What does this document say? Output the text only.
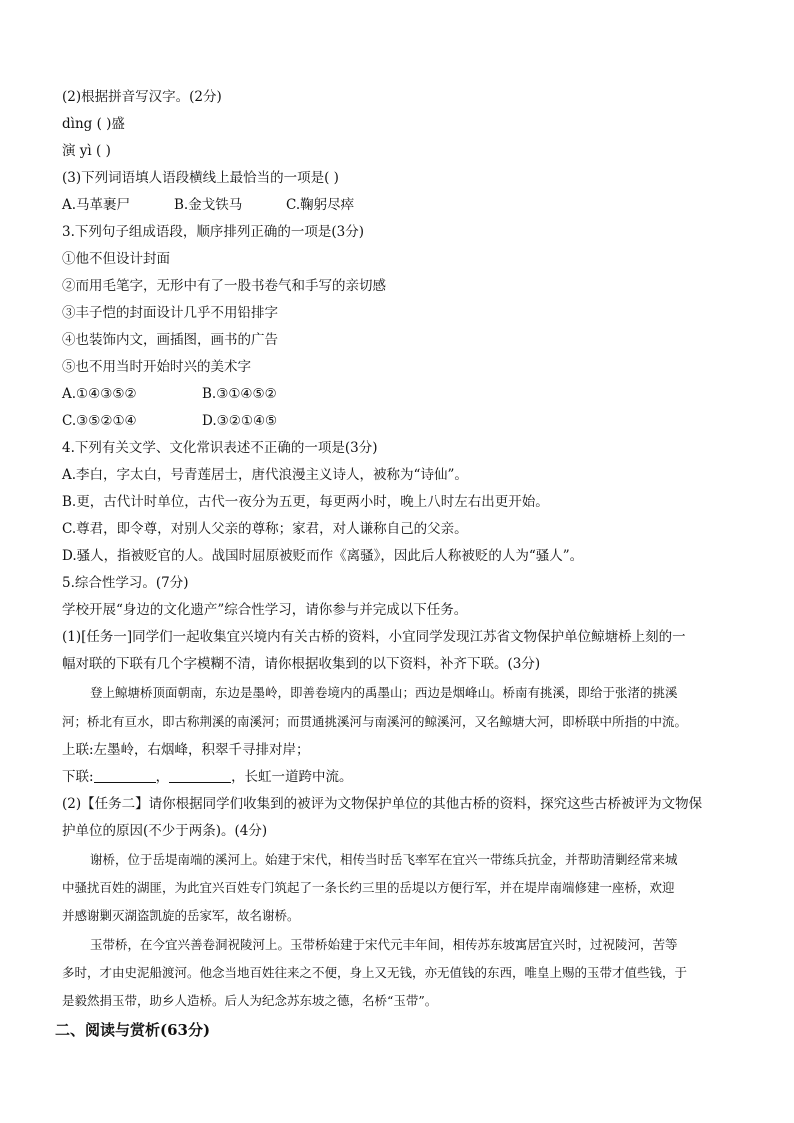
(2)根据拼音写汉字。(2分)

dìng ( )盛

演 yì ( )

(3)下列词语填人语段横线上最恰当的一项是( )

A.马革裹尸	B.金戈铁马	C.鞠躬尽瘁

3.下列句子组成语段，顺序排列正确的一项是(3分)

①他不但设计封面

②而用毛笔字，无形中有了一股书卷气和手写的亲切感

③丰子恺的封面设计几乎不用铅排字

④也装饰内文，画插图，画书的广告

⑤也不用当时开始时兴的美术字

A.①④③⑤②	B.③①④⑤②

C.③⑤②①④	D.③②①④⑤

4.下列有关文学、文化常识表述不正确的一项是(3分)

A.李白，字太白，号青莲居士，唐代浪漫主义诗人，被称为“诗仙”。

B.更，古代计时单位，古代一夜分为五更，每更两小时，晚上八时左右出更开始。

C.尊君，即令尊，对别人父亲的尊称；家君，对人谦称自己的父亲。

D.骚人，指被贬官的人。战国时屈原被贬而作《离骚》，因此后人称被贬的人为“骚人”。

5.综合性学习。(7分)

学校开展“身边的文化遗产”综合性学习，请你参与并完成以下任务。

(1)[任务一]同学们一起收集宜兴境内有关古桥的资料，小宜同学发现江苏省文物保护单位鲸塘桥上刻的一

幅对联的下联有几个字模糊不清，请你根据收集到的以下资料，补齐下联。(3分)

登上鲸塘桥顶面朝南，东边是墨岭，即善卷境内的禹墨山；西边是烟峰山。桥南有挑溪，即给于张渚的挑溪

河；桥北有亘水，即古称荆溪的南溪河；而贯通挑溪河与南溪河的鲸溪河，又名鲸塘大河，即桥联中所指的中流。

上联:左墨岭，右烟峰，积翠千寻排对岸；

下联:	，	，长虹一道跨中流。

(2)【任务二】请你根据同学们收集到的被评为文物保护单位的其他古桥的资料，探究这些古桥被评为文物保

护单位的原因(不少于两条)。(4分)

谢桥，位于岳堤南端的溪河上。始建于宋代，相传当时岳飞率军在宜兴一带练兵抗金，并帮助清剿经常来城

中骚扰百姓的湖匪，为此宜兴百姓专门筑起了一条长约三里的岳堤以方便行军，并在堤岸南端修建一座桥，欢迎

并感谢剿灭湖盗凯旋的岳家军，故名谢桥。

玉带桥，在今宜兴善卷洞祝陵河上。玉带桥始建于宋代元丰年间，相传苏东坡寓居宜兴时，过祝陵河，苦等

多时，才由史泥船渡河。他念当地百姓往来之不便，身上又无钱，亦无值钱的东西，唯皇上赐的玉带才值些钱，于

是毅然捐玉带，助乡人造桥。后人为纪念苏东坡之德，名桥“玉带”。

二、阅读与赏析(63分)
